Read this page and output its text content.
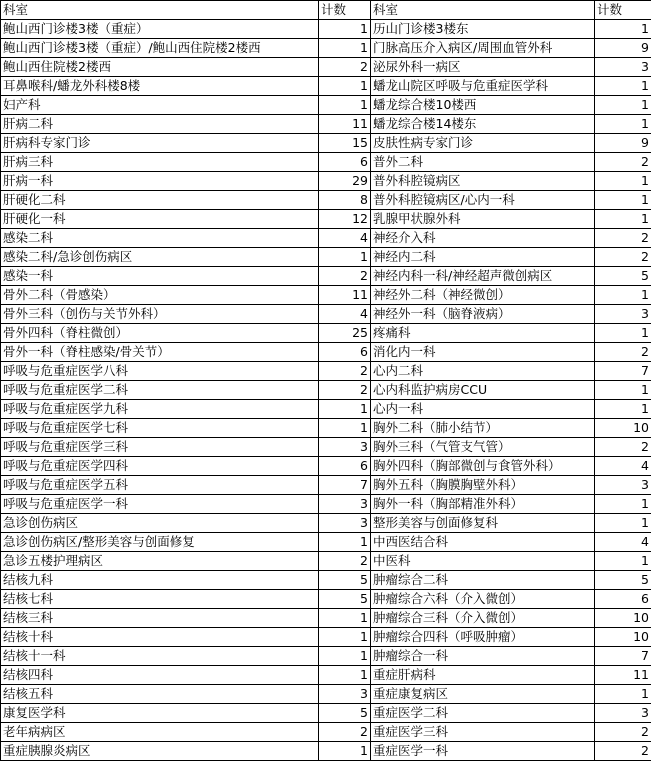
科室	计数	科室	计数
鲍山西门诊楼3楼（重症）	1	历山门诊楼3楼东	1
鲍山西门诊楼3楼（重症）/鲍山西住院楼2楼西	1	门脉高压介入病区/周围血管外科	9
鲍山西住院楼2楼西	2	泌尿外科一病区	3
耳鼻喉科/蟠龙外科楼8楼	1	蟠龙山院区呼吸与危重症医学科	1
妇产科	1	蟠龙综合楼10楼西	1
肝病二科	11	蟠龙综合楼14楼东	1
肝病科专家门诊	15	皮肤性病专家门诊	9
肝病三科	6	普外二科	2
肝病一科	29	普外科腔镜病区	1
肝硬化二科	8	普外科腔镜病区/心内一科	1
肝硬化一科	12	乳腺甲状腺外科	1
感染二科	4	神经介入科	2
感染二科/急诊创伤病区	1	神经内二科	2
感染一科	2	神经内科一科/神经超声微创病区	5
骨外二科（骨感染）	11	神经外二科（神经微创）	1
骨外三科（创伤与关节外科）	4	神经外一科（脑脊液病）	3
骨外四科（脊柱微创）	25	疼痛科	1
骨外一科（脊柱感染/骨关节）	6	消化内一科	2
呼吸与危重症医学八科	2	心内二科	7
呼吸与危重症医学二科	2	心内科监护病房CCU	1
呼吸与危重症医学九科	1	心内一科	1
呼吸与危重症医学七科	1	胸外二科（肺小结节）	10
呼吸与危重症医学三科	3	胸外三科（气管支气管）	2
呼吸与危重症医学四科	6	胸外四科（胸部微创与食管外科）	4
呼吸与危重症医学五科	7	胸外五科（胸膜胸壁外科）	3
呼吸与危重症医学一科	3	胸外一科（胸部精准外科）	1
急诊创伤病区	3	整形美容与创面修复科	1
急诊创伤病区/整形美容与创面修复	1	中西医结合科	4
急诊五楼护理病区	2	中医科	1
结核九科	5	肿瘤综合二科	5
结核七科	5	肿瘤综合六科（介入微创）	6
结核三科	1	肿瘤综合三科（介入微创）	10
结核十科	1	肿瘤综合四科（呼吸肿瘤）	10
结核十一科	1	肿瘤综合一科	7
结核四科	1	重症肝病科	11
结核五科	3	重症康复病区	1
康复医学科	5	重症医学二科	3
老年病病区	2	重症医学三科	2
重症胰腺炎病区	1	重症医学一科	2
